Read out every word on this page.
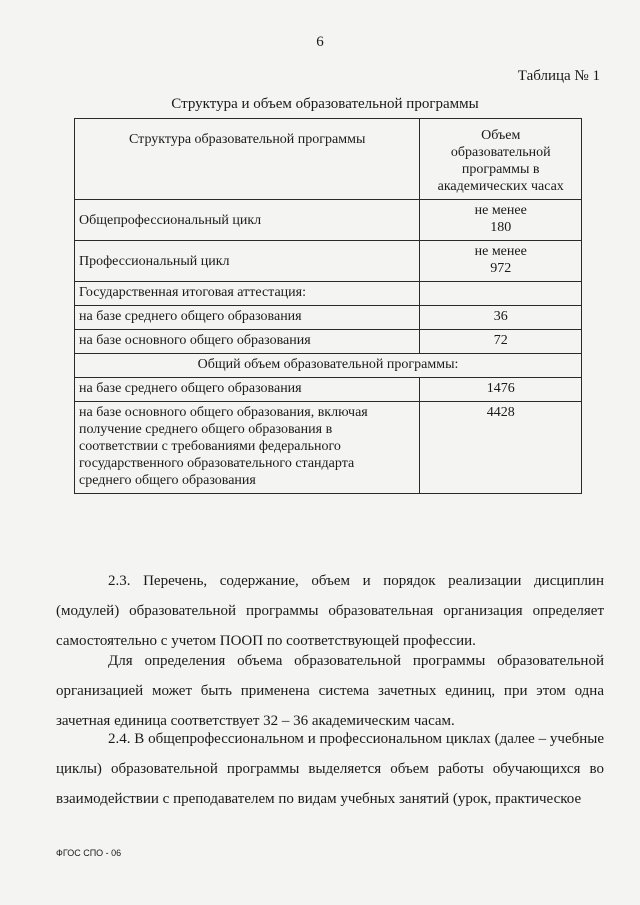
6
Таблица № 1
Структура и объем образовательной программы
Структура образовательной программы	Объем
образовательной
программы в
академических часах

Общепрофессиональный цикл	не менее
180

Профессиональный цикл	не менее
972

Государственная итоговая аттестация:	
на базе среднего общего образования	36
на базе основного общего образования	72
Общий объем образовательной программы:	
на базе среднего общего образования	1476

на базе основного общего образования, включая
получение среднего общего образования в
соответствии с требованиями федерального
государственного образовательного стандарта
среднего общего образования	4428

2.3. Перечень, содержание, объем и порядок реализации дисциплин (модулей) образовательной программы образовательная организация определяет самостоятельно с учетом ПООП по соответствующей профессии.

Для определения объема образовательной программы образовательной организацией может быть применена система зачетных единиц, при этом одна зачетная единица соответствует 32 – 36 академическим часам.

2.4. В общепрофессиональном и профессиональном циклах (далее – учебные циклы) образовательной программы выделяется объем работы обучающихся во взаимодействии с преподавателем по видам учебных занятий (урок, практическое

ФГОС СПО - 06
